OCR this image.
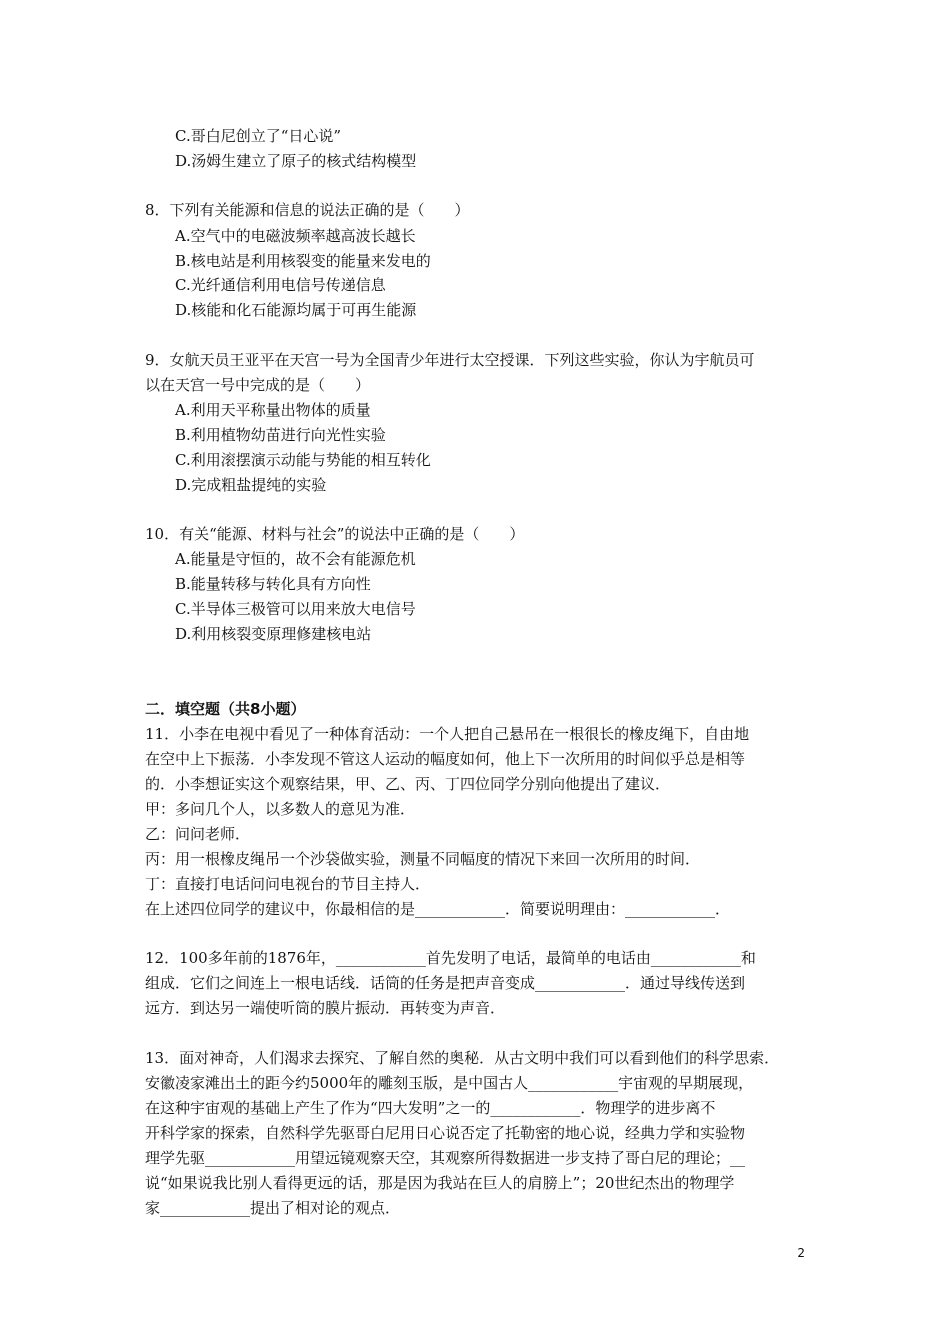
C.哥白尼创立了“日心说”
D.汤姆生建立了原子的核式结构模型
8．下列有关能源和信息的说法正确的是（　　）
A.空气中的电磁波频率越高波长越长
B.核电站是利用核裂变的能量来发电的
C.光纤通信利用电信号传递信息
D.核能和化石能源均属于可再生能源
9．女航天员王亚平在天宫一号为全国青少年进行太空授课．下列这些实验，你认为宇航员可
以在天宫一号中完成的是（　　）
A.利用天平称量出物体的质量
B.利用植物幼苗进行向光性实验
C.利用滚摆演示动能与势能的相互转化
D.完成粗盐提纯的实验
10．有关“能源、材料与社会”的说法中正确的是（　　）
A.能量是守恒的，故不会有能源危机
B.能量转移与转化具有方向性
C.半导体三极管可以用来放大电信号
D.利用核裂变原理修建核电站
二．填空题（共8小题）
11．小李在电视中看见了一种体育活动：一个人把自己悬吊在一根很长的橡皮绳下，自由地
在空中上下振荡．小李发现不管这人运动的幅度如何，他上下一次所用的时间似乎总是相等
的．小李想证实这个观察结果，甲、乙、丙、丁四位同学分别向他提出了建议．
甲：多问几个人，以多数人的意见为准．
乙：问问老师．
丙：用一根橡皮绳吊一个沙袋做实验，测量不同幅度的情况下来回一次所用的时间．
丁：直接打电话问问电视台的节目主持人．
在上述四位同学的建议中，你最相信的是____________．简要说明理由：____________．
12．100多年前的1876年，____________首先发明了电话，最简单的电话由____________和
组成．它们之间连上一根电话线．话筒的任务是把声音变成____________．通过导线传送到
远方．到达另一端使听筒的膜片振动．再转变为声音．
13．面对神奇，人们渴求去探究、了解自然的奥秘．从古文明中我们可以看到他们的科学思索．
安徽凌家滩出土的距今约5000年的雕刻玉版，是中国古人____________宇宙观的早期展现，
在这种宇宙观的基础上产生了作为“四大发明”之一的____________．物理学的进步离不
开科学家的探索，自然科学先驱哥白尼用日心说否定了托勒密的地心说，经典力学和实验物
理学先驱____________用望远镜观察天空，其观察所得数据进一步支持了哥白尼的理论；__
说“如果说我比别人看得更远的话，那是因为我站在巨人的肩膀上”；20世纪杰出的物理学
家____________提出了相对论的观点．
2
